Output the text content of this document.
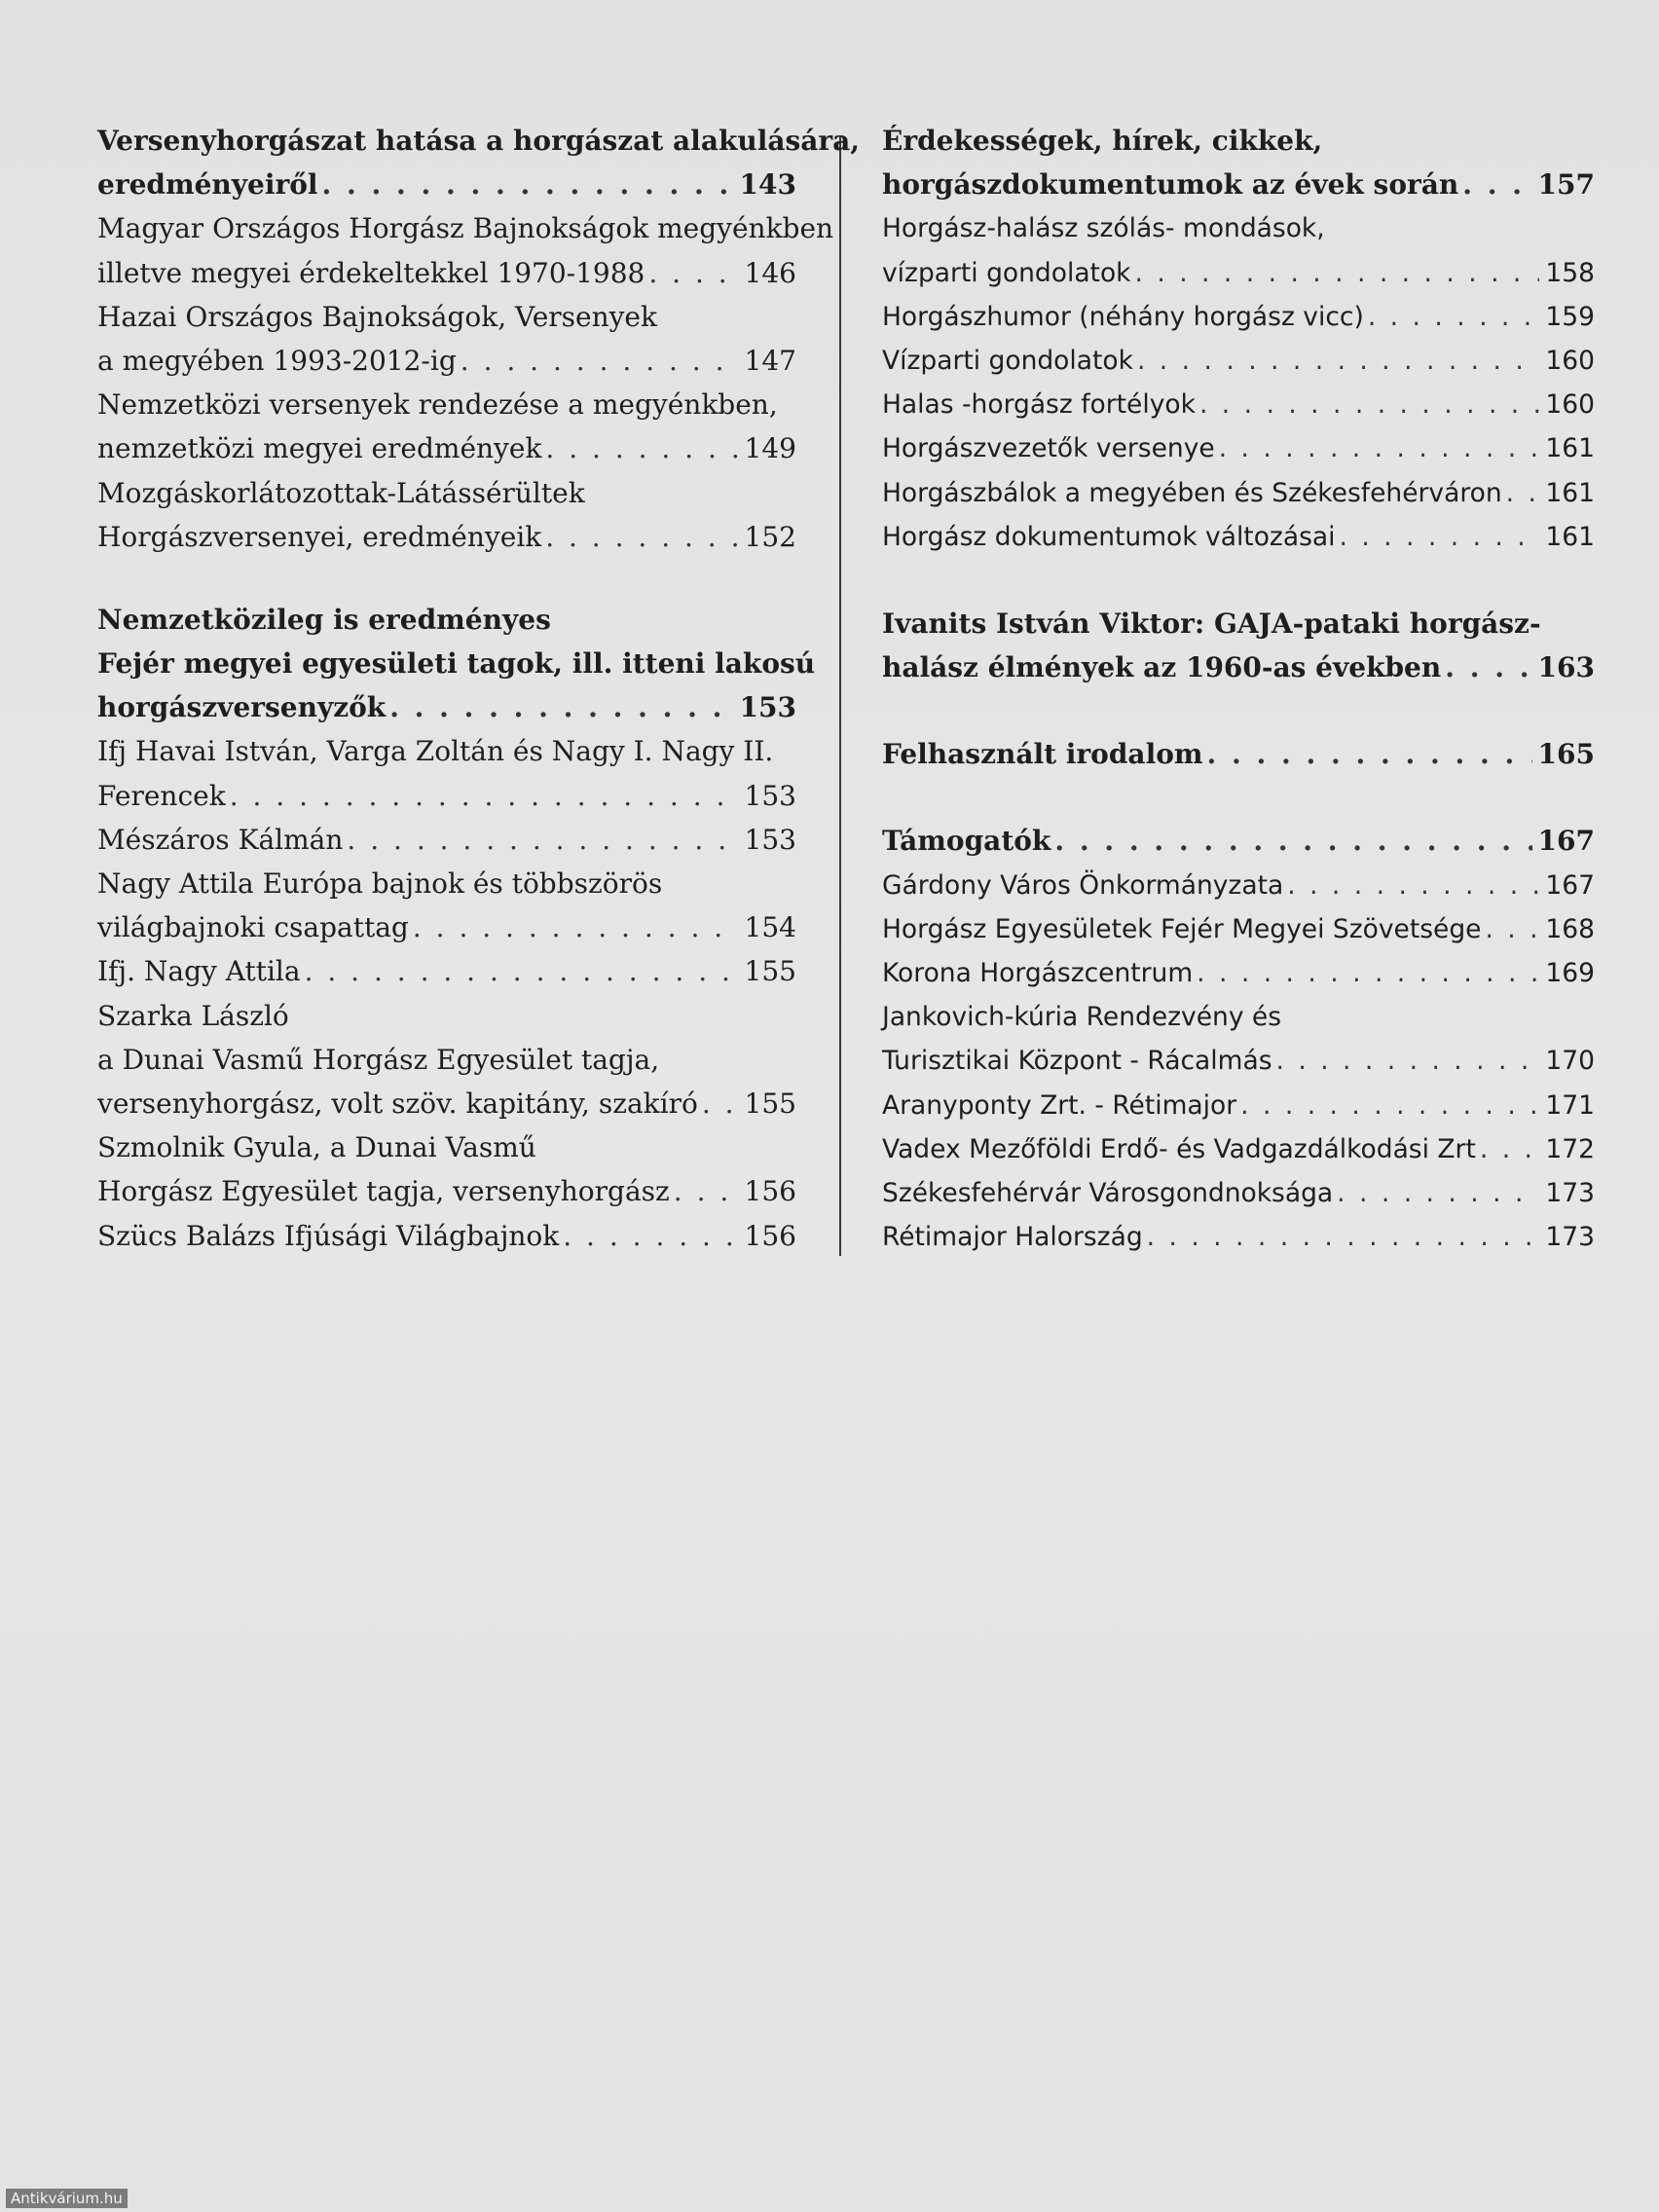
Versenyhorgászat hatása a horgászat alakulására,
eredményeiről . . .	143
Magyar Országos Horgász Bajnokságok megyénkben
illetve megyei érdekeltekkel 1970-1988 . . .	146
Hazai Országos Bajnokságok, Versenyek
a megyében 1993-2012-ig . . .	147
Nemzetközi versenyek rendezése a megyénkben,
nemzetközi megyei eredmények . . .	149
Mozgáskorlátozottak-Látássérültek
Horgászversenyei, eredményeik . . .	152
Nemzetközileg is eredményes
Fejér megyei egyesületi tagok, ill. itteni lakosú
horgászversenyzők . . .	153
Ifj Havai István, Varga Zoltán és Nagy I. Nagy II.
Ferencek . . .	153
Mészáros Kálmán . . .	153
Nagy Attila Európa bajnok és többszörös
világbajnoki csapattag . . .	154
Ifj. Nagy Attila . . .	155
Szarka László
a Dunai Vasmű Horgász Egyesület tagja,
versenyhorgász, volt szöv. kapitány, szakíró . . . 155
Szmolnik Gyula, a Dunai Vasmű
Horgász Egyesület tagja, versenyhorgász . . .	156
Szücs Balázs Ifjúsági Világbajnok . . .	156
Érdekességek, hírek, cikkek,
horgászdokumentumok az évek során . . .	157
Horgász-halász szólás- mondások,
vízparti gondolatok . . .	158
Horgászhumor (néhány horgász vicc) . . .	159
Vízparti gondolatok . . .	160
Halas -horgász fortélyok . . .	160
Horgászvezetők versenye . . .	161
Horgászbálok a megyében és Székesfehérváron . . . 161
Horgász dokumentumok változásai . . .	161
Ivanits István Viktor: GAJA-pataki horgász-
halász élmények az 1960-as években . . .	163
Felhasznált irodalom . . .	165
Támogatók . . .	167
Gárdony Város Önkormányzata . . .	167
Horgász Egyesületek Fejér Megyei Szövetsége . . . 168
Korona Horgászcentrum . . .	169
Jankovich-kúria Rendezvény és
Turisztikai Központ - Rácalmás . . .	170
Aranyponty Zrt. - Rétimajor . . .	171
Vadex Mezőföldi Erdő- és Vadgazdálkodási Zrt . . .	172
Székesfehérvár Városgondnoksága . . .	173
Rétimajor Halország . . .	173
Antikvárium.hu
